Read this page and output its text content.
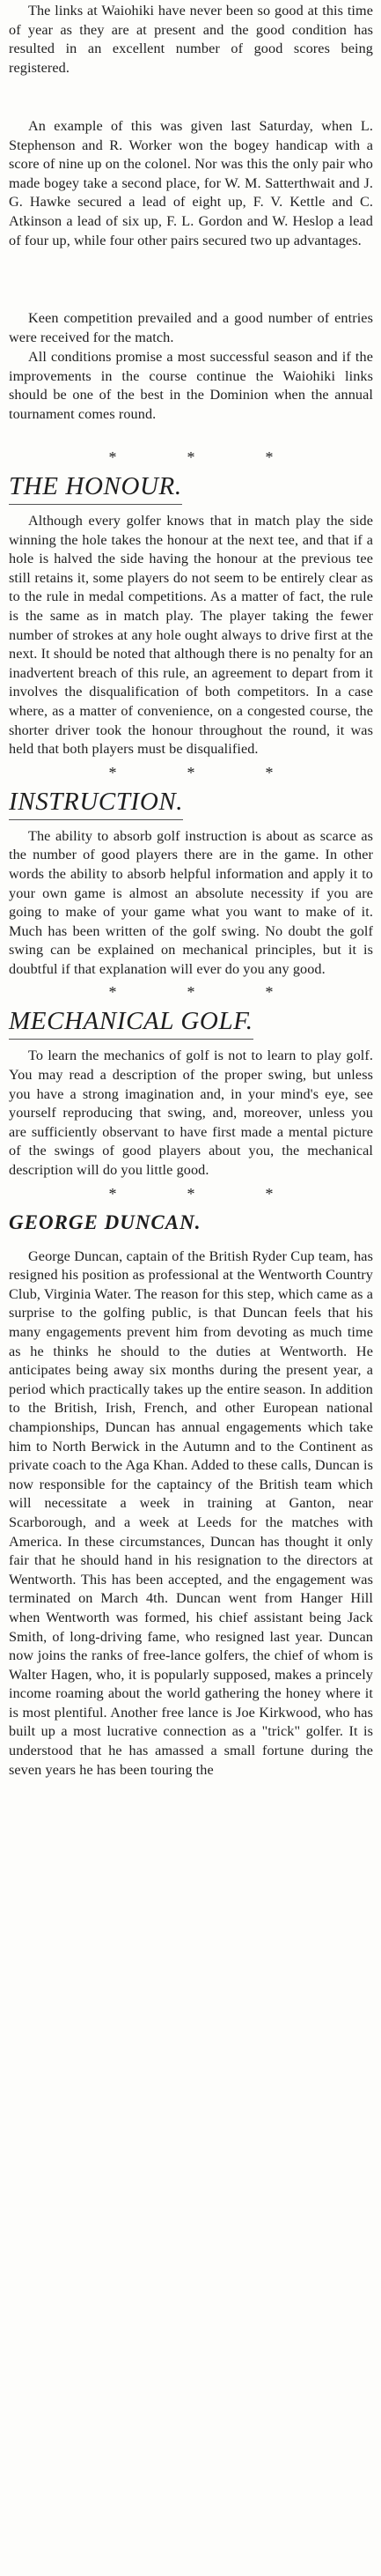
The links at Waiohiki have never been so good at this time of year as they are at present and the good condition has resulted in an excellent number of good scores being registered.

An example of this was given last Saturday, when L. Stephenson and R. Worker won the bogey handicap with a score of nine up on the colonel. Nor was this the only pair who made bogey take a second place, for W. M. Satterthwait and J. G. Hawke secured a lead of eight up, F. V. Kettle and C. Atkinson a lead of six up, F. L. Gordon and W. Heslop a lead of four up, while four other pairs secured two up advantages.

Keen competition prevailed and a good number of entries were received for the match.

All conditions promise a most successful season and if the improvements in the course continue the Waiohiki links should be one of the best in the Dominion when the annual tournament comes round.

*	*	*
THE HONOUR.

Although every golfer knows that in match play the side winning the hole takes the honour at the next tee, and that if a hole is halved the side having the honour at the previous tee still retains it, some players do not seem to be entirely clear as to the rule in medal competitions. As a matter of fact, the rule is the same as in match play. The player taking the fewer number of strokes at any hole ought always to drive first at the next. It should be noted that although there is no penalty for an inadvertent breach of this rule, an agreement to depart from it involves the disqualification of both competitors. In a case where, as a matter of convenience, on a congested course, the shorter driver took the honour throughout the round, it was held that both players must be disqualified.

*	*	*
INSTRUCTION.

The ability to absorb golf instruction is about as scarce as the number of good players there are in the game. In other words the ability to absorb helpful information and apply it to your own game is almost an absolute necessity if you are going to make of your game what you want to make of it. Much has been written of the golf swing. No doubt the golf swing can be explained on mechanical principles, but it is doubtful if that explanation will ever do you any good.

*	*	*
MECHANICAL GOLF.

To learn the mechanics of golf is not to learn to play golf. You may read a description of the proper swing, but unless you have a strong imagination and, in your mind's eye, see yourself reproducing that swing, and, moreover, unless you are sufficiently observant to have first made a mental picture of the swings of good players about you, the mechanical description will do you little good.

*	*	*
GEORGE DUNCAN.

George Duncan, captain of the British Ryder Cup team, has resigned his position as professional at the Wentworth Country Club, Virginia Water. The reason for this step, which came as a surprise to the golfing public, is that Duncan feels that his many engagements prevent him from devoting as much time as he thinks he should to the duties at Wentworth. He anticipates being away six months during the present year, a period which practically takes up the entire season. In addition to the British, Irish, French, and other European national championships, Duncan has annual engagements which take him to North Berwick in the Autumn and to the Continent as private coach to the Aga Khan. Added to these calls, Duncan is now responsible for the captaincy of the British team which will necessitate a week in training at Ganton, near Scarborough, and a week at Leeds for the matches with America. In these circumstances, Duncan has thought it only fair that he should hand in his resignation to the directors at Wentworth. This has been accepted, and the engagement was terminated on March 4th. Duncan went from Hanger Hill when Wentworth was formed, his chief assistant being Jack Smith, of long-driving fame, who resigned last year. Duncan now joins the ranks of free-lance golfers, the chief of whom is Walter Hagen, who, it is popularly supposed, makes a princely income roaming about the world gathering the honey where it is most plentiful. Another free lance is Joe Kirkwood, who has built up a most lucrative connection as a "trick" golfer. It is understood that he has amassed a small fortune during the seven years he has been touring the
